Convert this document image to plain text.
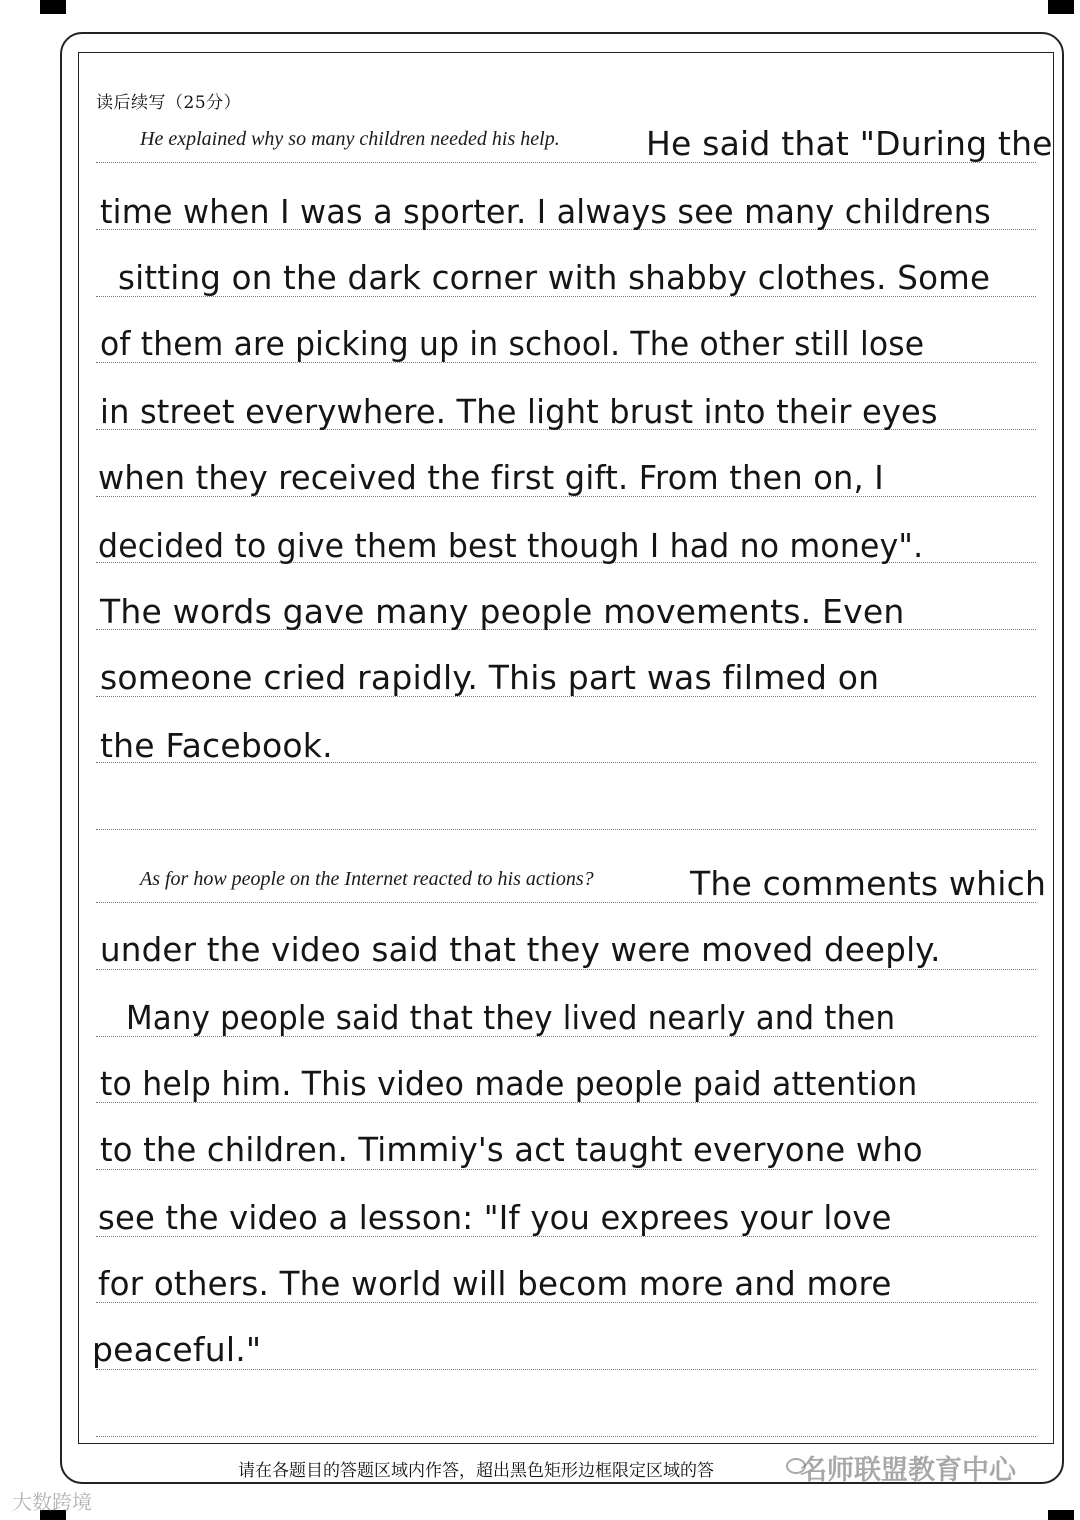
读后续写（25分）
He explained why so many children needed his help.	He said that "During the
time when I was a sporter. I always see many childrens
sitting on the dark corner with shabby clothes. Some
of them are picking up in school. The other still lose
in street everywhere. The light brust into their eyes
when they received the first gift. From then on, I
decided to give them best though I had no money".
The words gave many people movements. Even
someone cried rapidly. This part was filmed on
the Facebook.
As for how people on the Internet reacted to his actions?	The comments which
under the video said that they were moved deeply.
Many people said that they lived nearly and then
to help him. This video made people paid attention
to the children. Timmiy's act taught everyone who
see the video a lesson: "If you exprees your love
for others. The world will becom more and more
peaceful."
请在各题目的答题区域内作答，超出黑色矩形边框限定区域的答	名师联盟教育中心
大数跨境
